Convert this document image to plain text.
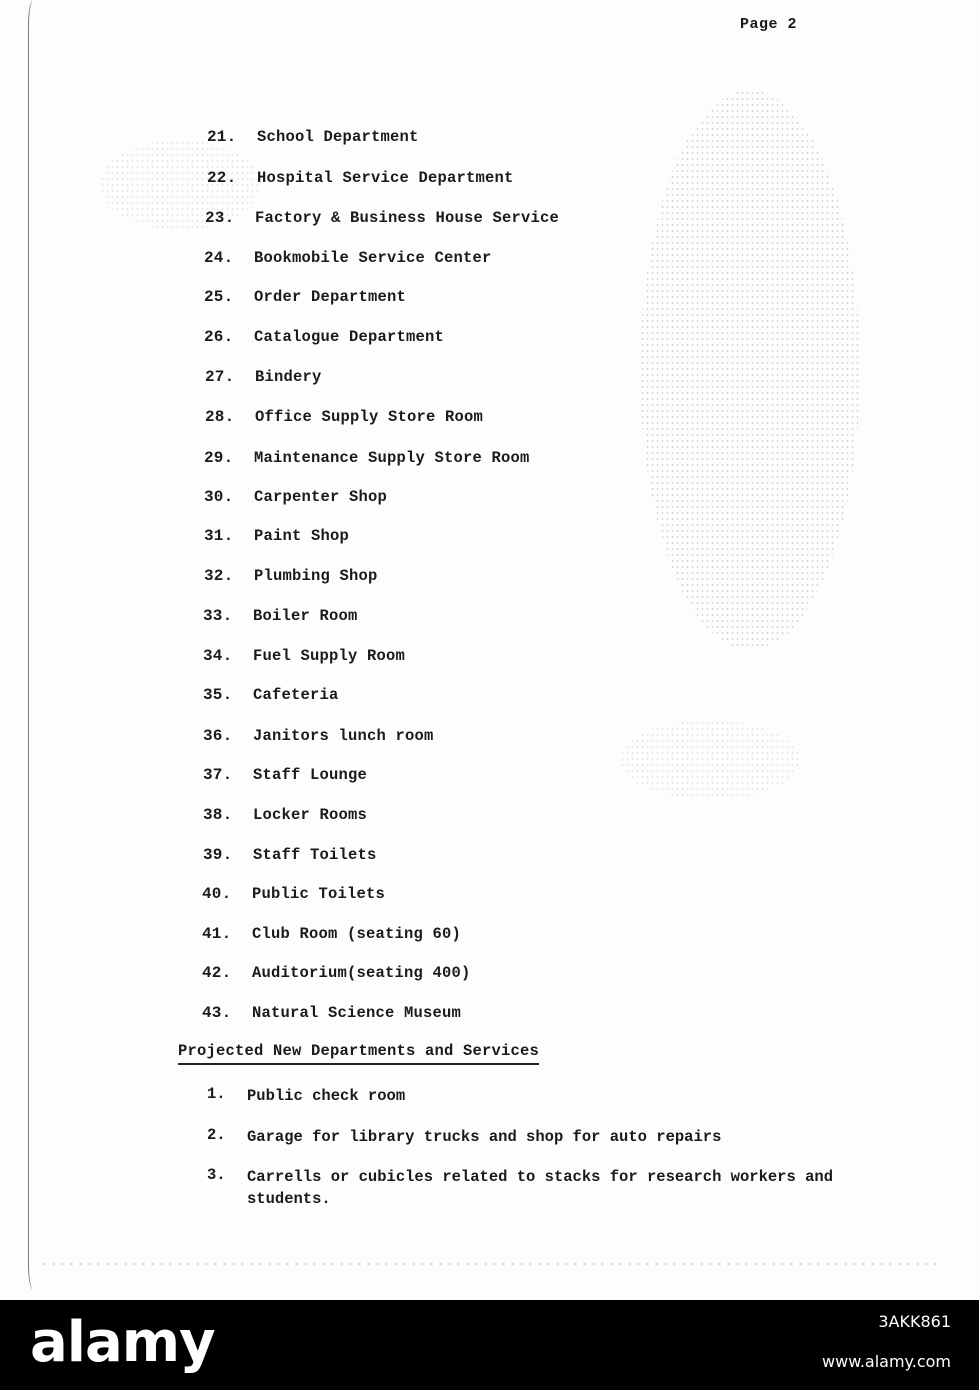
Page 2
21. School Department
22. Hospital Service Department
23. Factory & Business House Service
24. Bookmobile Service Center
25. Order Department
26. Catalogue Department
27. Bindery
28. Office Supply Store Room
29. Maintenance Supply Store Room
30. Carpenter Shop
31. Paint Shop
32. Plumbing Shop
33. Boiler Room
34. Fuel Supply Room
35. Cafeteria
36. Janitors lunch room
37. Staff Lounge
38. Locker Rooms
39. Staff Toilets
40. Public Toilets
41. Club Room (seating 60)
42. Auditorium(seating 400)
43. Natural Science Museum
Projected New Departments and Services
1. Public check room
2. Garage for library trucks and shop for auto repairs
3. Carrells or cubicles related to stacks for research workers and students.
alamy	3AKK861
www.alamy.com
